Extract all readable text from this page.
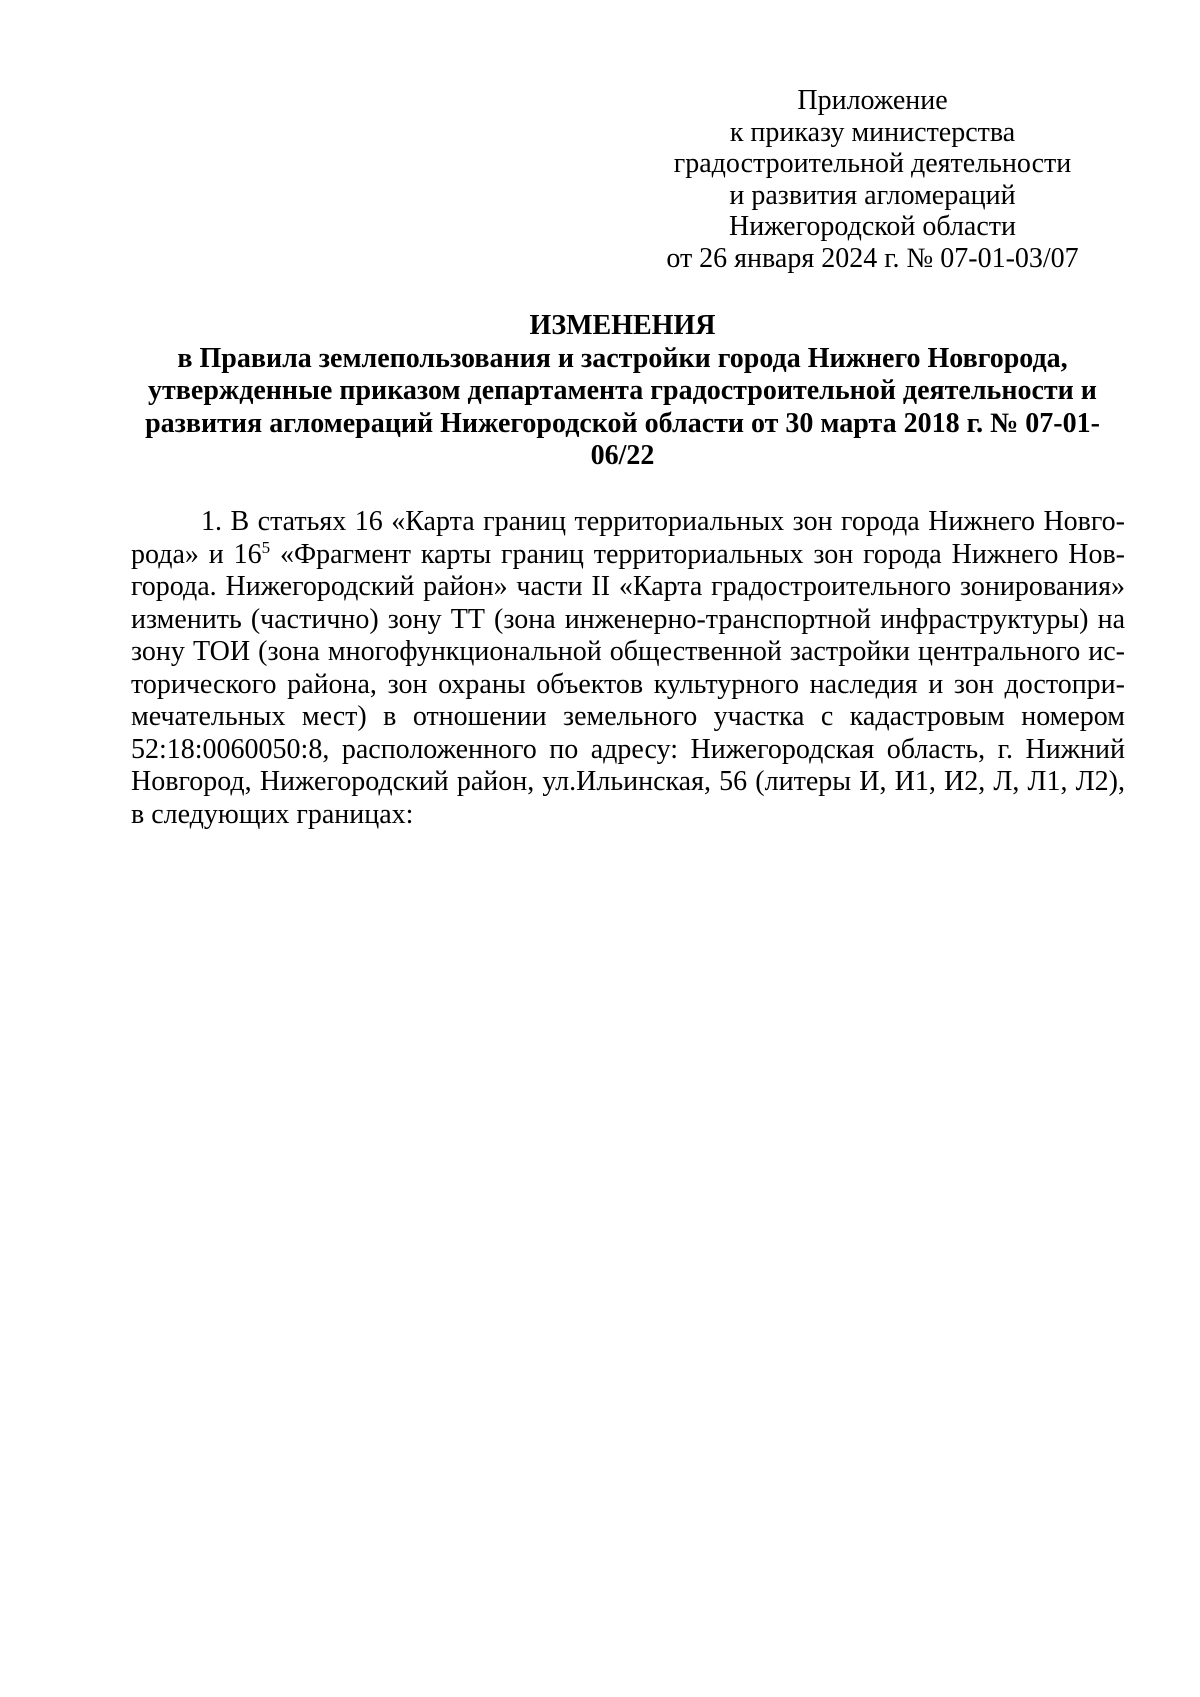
Приложение
к приказу министерства
градостроительной деятельности
и развития агломераций
Нижегородской области
от 26 января 2024 г. № 07-01-03/07
ИЗМЕНЕНИЯ
в Правила землепользования и застройки города Нижнего Новгорода,
утвержденные приказом департамента градостроительной деятельности и
развития агломераций Нижегородской области от 30 марта 2018 г. № 07-01-
06/22
1. В статьях 16 «Карта границ территориальных зон города Нижнего Новго-
рода» и $16^5$ «Фрагмент карты границ территориальных зон города Нижнего Нов-
города. Нижегородский район» части II «Карта градостроительного зонирования»
изменить (частично) зону ТТ (зона инженерно-транспортной инфраструктуры) на
зону ТОИ (зона многофункциональной общественной застройки центрального ис-
торического района, зон охраны объектов культурного наследия и зон достопри-
мечательных мест) в отношении земельного участка с кадастровым номером
52:18:0060050:8, расположенного по адресу: Нижегородская область, г. Нижний
Новгород, Нижегородский район, ул.Ильинская, 56 (литеры И, И1, И2, Л, Л1, Л2),
в следующих границах:
